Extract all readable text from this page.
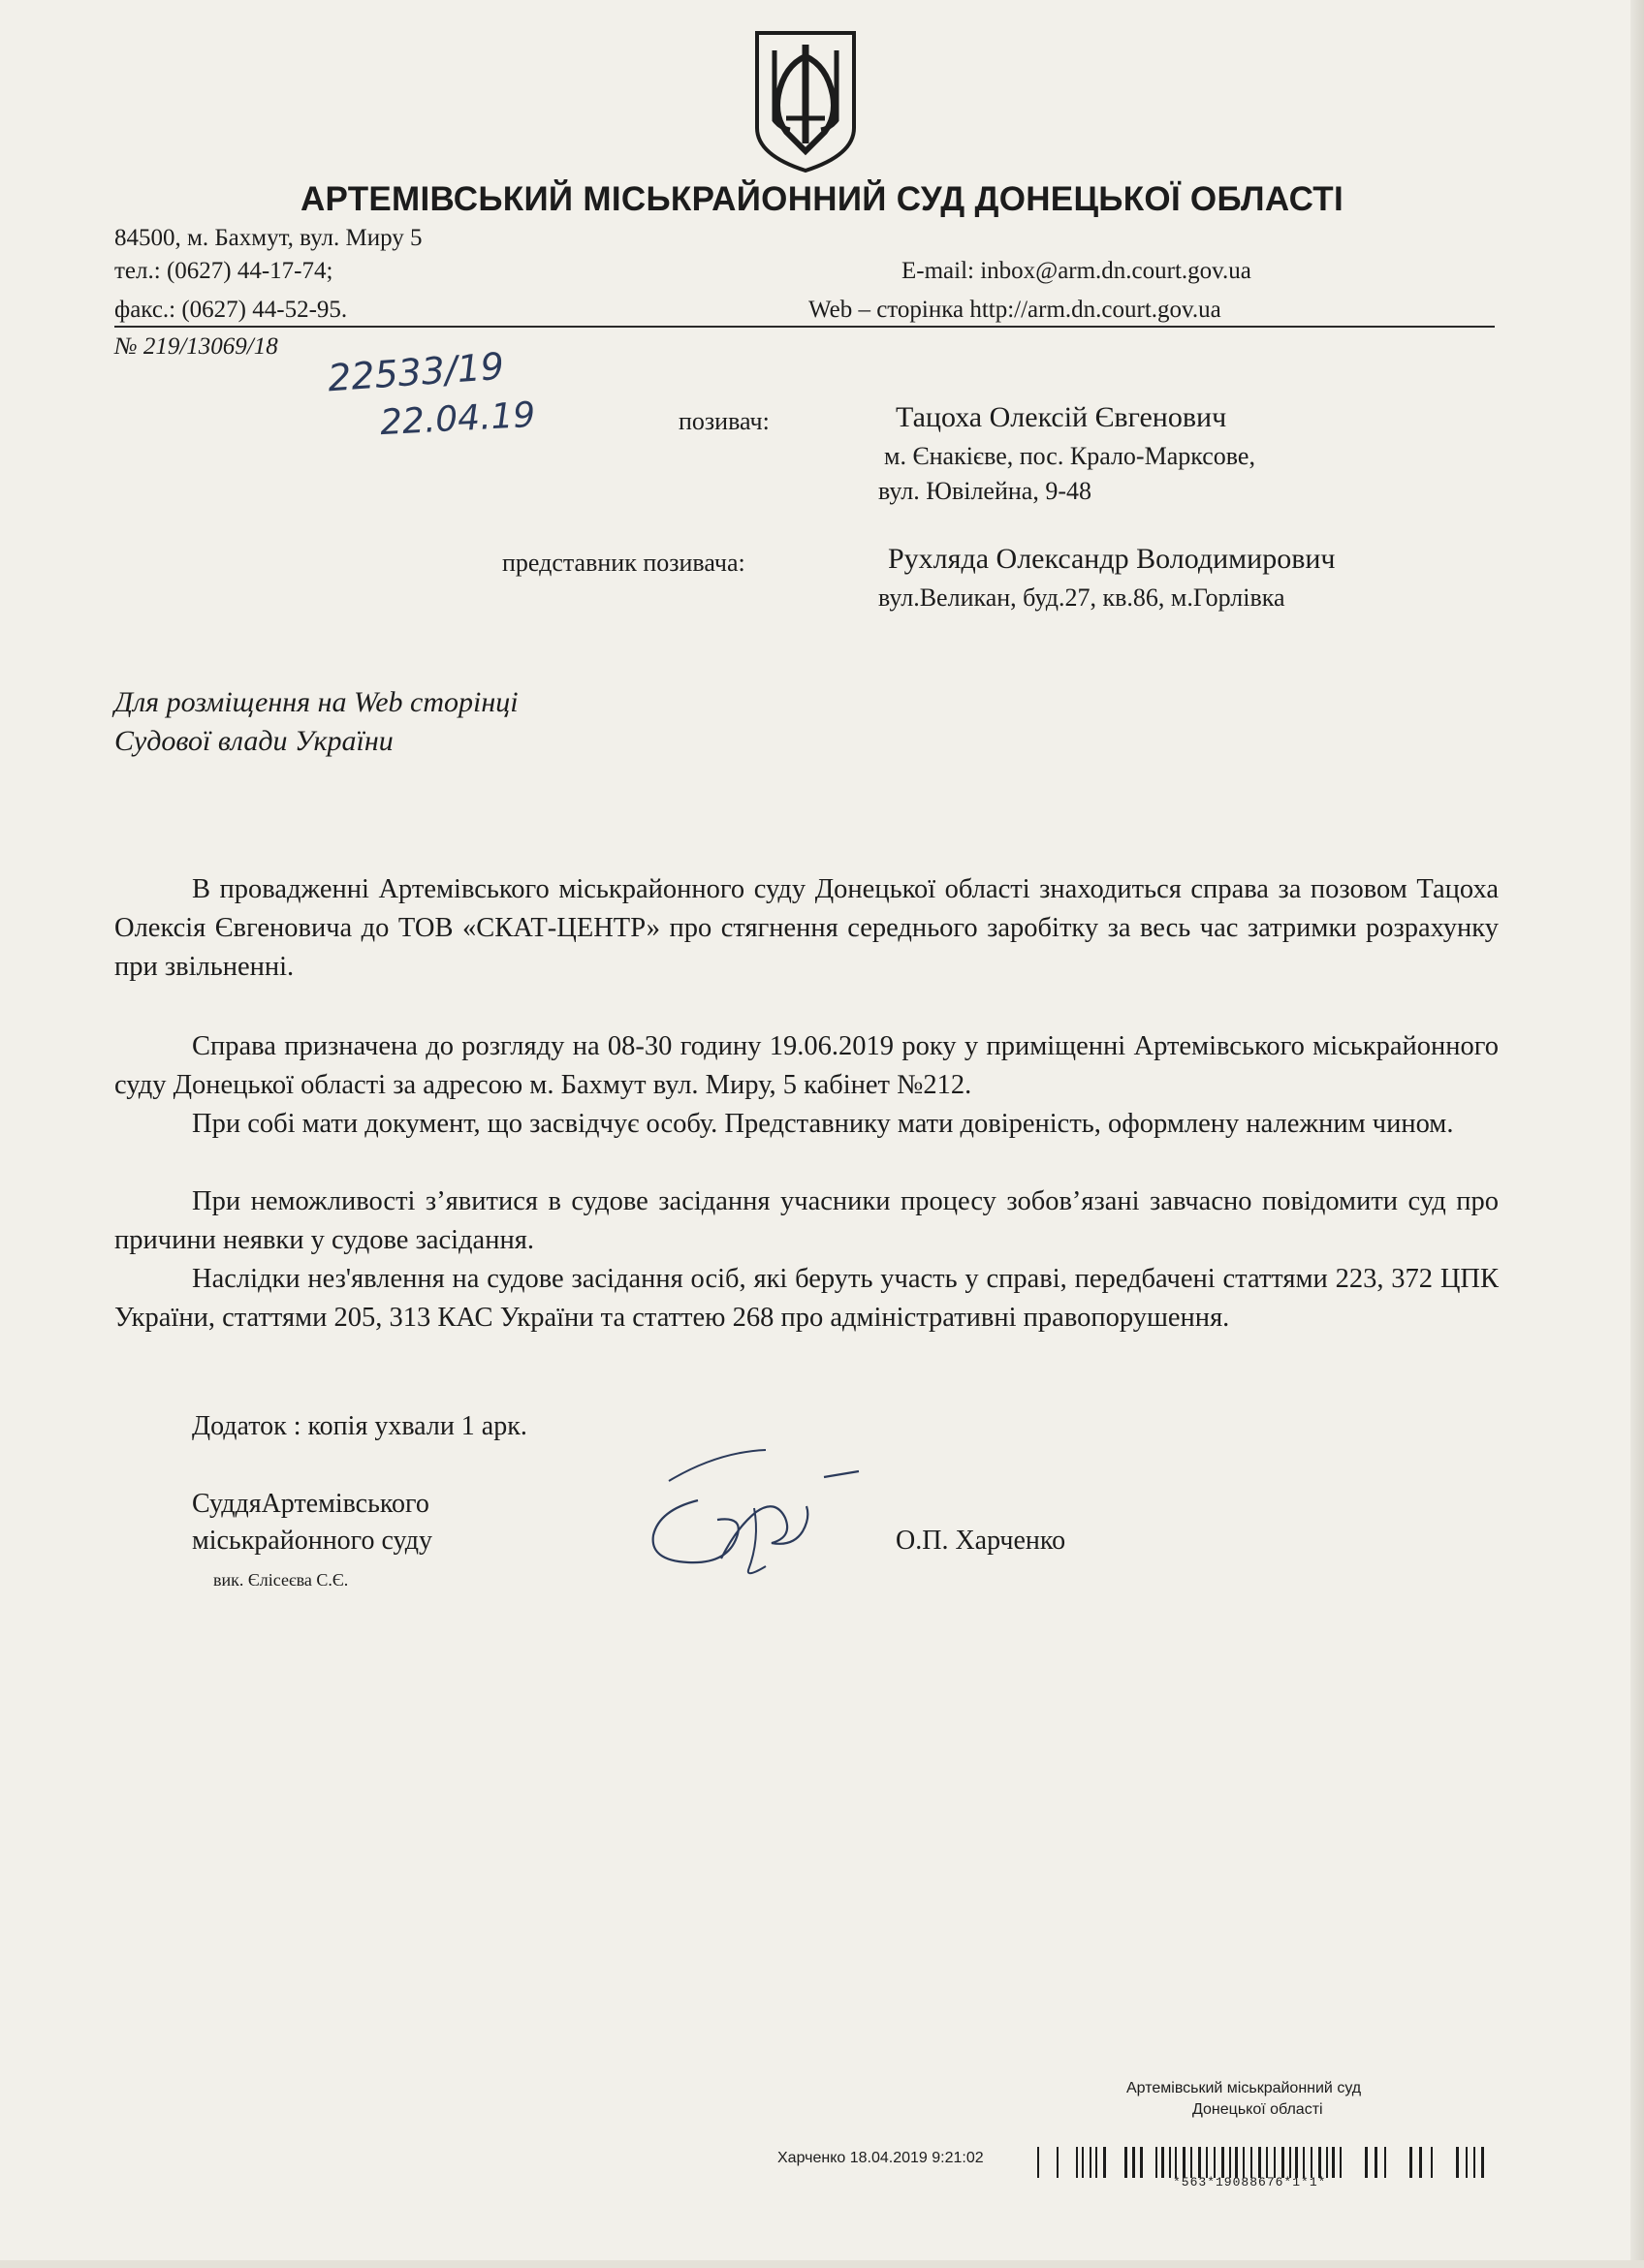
АРТЕМІВСЬКИЙ МІСЬКРАЙОННИЙ СУД ДОНЕЦЬКОЇ ОБЛАСТІ
84500, м. Бахмут, вул. Миру 5
тел.: (0627) 44-17-74;	E-mail: inbox@arm.dn.court.gov.ua
факс.: (0627) 44-52-95.	Web – сторінка http://arm.dn.court.gov.ua
№ 219/13069/18 22533/19
22.04.19	позивач:	Тацоха Олексій Євгенович
м. Єнакієве, пос. Крало-Марксове,
вул. Ювілейна, 9-48
представник позивача:	Рухляда Олександр Володимирович
вул.Великан, буд.27, кв.86, м.Горлівка
Для розміщення на Web сторінці
Судової влади України

В провадженні Артемівського міськрайонного суду Донецької області знаходиться справа за позовом Тацоха Олексія Євгеновича до ТОВ «СКАТ-ЦЕНТР» про стягнення середнього заробітку за весь час затримки розрахунку при звільненні.

Справа призначена до розгляду на 08-30 годину 19.06.2019 року у приміщенні Артемівського міськрайонного суду Донецької області за адресою м. Бахмут вул. Миру, 5 кабінет №212.

При собі мати документ, що засвідчує особу. Представнику мати довіреність, оформлену належним чином.

При неможливості з’явитися в судове засідання учасники процесу зобов’язані завчасно повідомити суд про причини неявки у судове засідання.

Наслідки нез'явлення на судове засідання осіб, які беруть участь у справі, передбачені статтями 223, 372 ЦПК України, статтями 205, 313 КАС України та статтею 268 про адміністративні правопорушення.

Додаток : копія ухвали 1 арк.
СуддяАртемівського
міськрайонного суду
вик. Єлісеєва С.Є.
О.П. Харченко
Артемівський міськрайонний суд
Донецької області
Харченко 18.04.2019 9:21:02
*563*19088676*1*1*
